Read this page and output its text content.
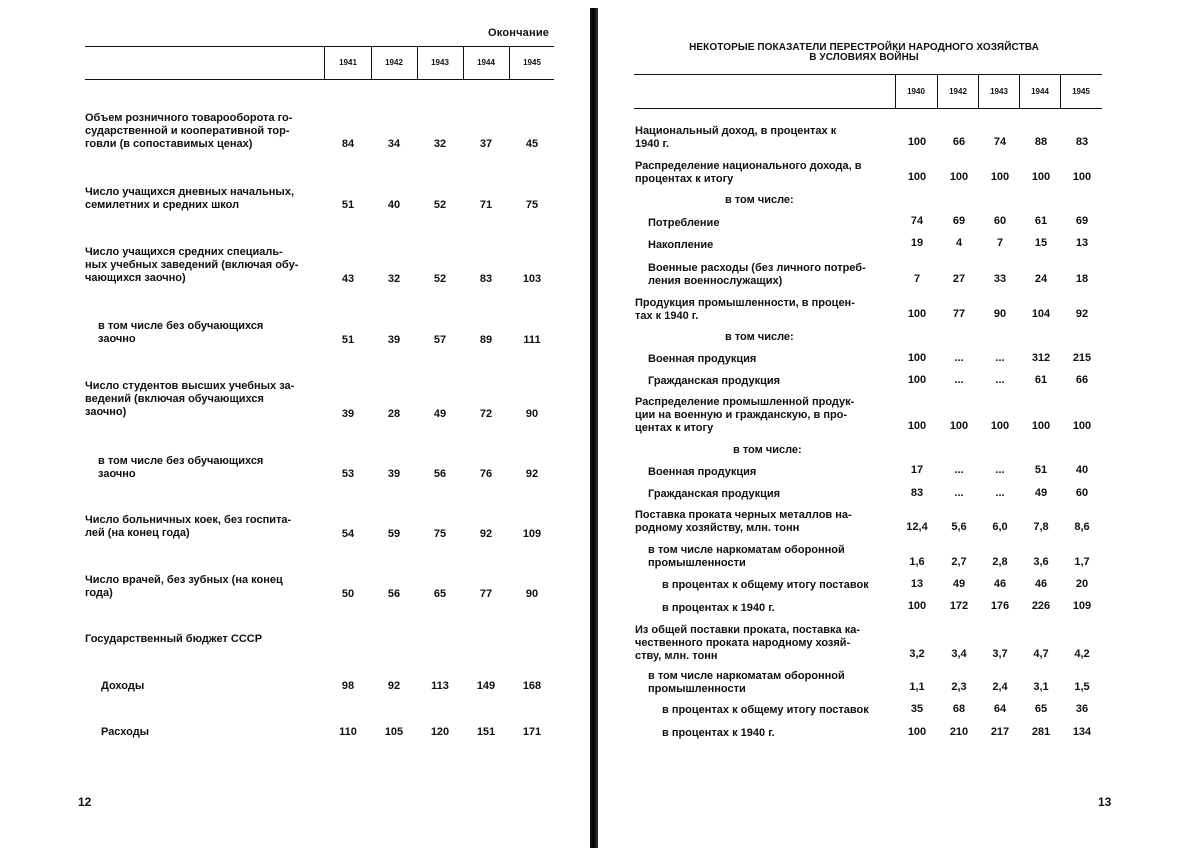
Окончание
1941	1942	1943	1944	1945
Объем розничного товарооборота го-
сударственной и кооперативной тор-
говли (в сопоставимых ценах)	84	34	32	37	45
Число учащихся дневных начальных,
семилетних и средних школ	51	40	52	71	75
Число учащихся средних специаль-
ных учебных заведений (включая обу-
чающихся заочно)	43	32	52	83	103
в том числе без обучающихся
заочно	51	39	57	89	111
Число студентов высших учебных за-
ведений (включая обучающихся
заочно)	39	28	49	72	90
в том числе без обучающихся
заочно	53	39	56	76	92
Число больничных коек, без госпита-
лей (на конец года)	54	59	75	92	109
Число врачей, без зубных (на конец
года)	50	56	65	77	90
Государственный бюджет СССР
Доходы	98	92	113	149	168
Расходы	110	105	120	151	171
12
НЕКОТОРЫЕ ПОКАЗАТЕЛИ ПЕРЕСТРОЙКИ НАРОДНОГО ХОЗЯЙСТВА
В УСЛОВИЯХ ВОЙНЫ
1940	1942	1943	1944	1945
Национальный доход, в процентах к
1940 г.	100	66	74	88	83
Распределение национального дохода, в
процентах к итогу	100	100	100	100	100
в том числе:
Потребление	74	69	60	61	69
Накопление	19	4	7	15	13
Военные расходы (без личного потреб-
ления военнослужащих)	7	27	33	24	18
Продукция промышленности, в процен-
тах к 1940 г.	100	77	90	104	92
в том числе:
Военная продукция	100	...	...	312	215
Гражданская продукция	100	...	...	61	66
Распределение промышленной продук-
ции на военную и гражданскую, в про-
центах к итогу	100	100	100	100	100
в том числе:
Военная продукция	17	...	...	51	40
Гражданская продукция	83	...	...	49	60
Поставка проката черных металлов на-
родному хозяйству, млн. тонн	12,4	5,6	6,0	7,8	8,6
в том числе наркоматам оборонной
промышленности	1,6	2,7	2,8	3,6	1,7
в процентах к общему итогу поставок	13	49	46	46	20
в процентах к 1940 г.	100	172	176	226	109
Из общей поставки проката, поставка ка-
чественного проката народному хозяй-
ству, млн. тонн	3,2	3,4	3,7	4,7	4,2
в том числе наркоматам оборонной
промышленности	1,1	2,3	2,4	3,1	1,5
в процентах к общему итогу поставок	35	68	64	65	36
в процентах к 1940 г.	100	210	217	281	134
13
